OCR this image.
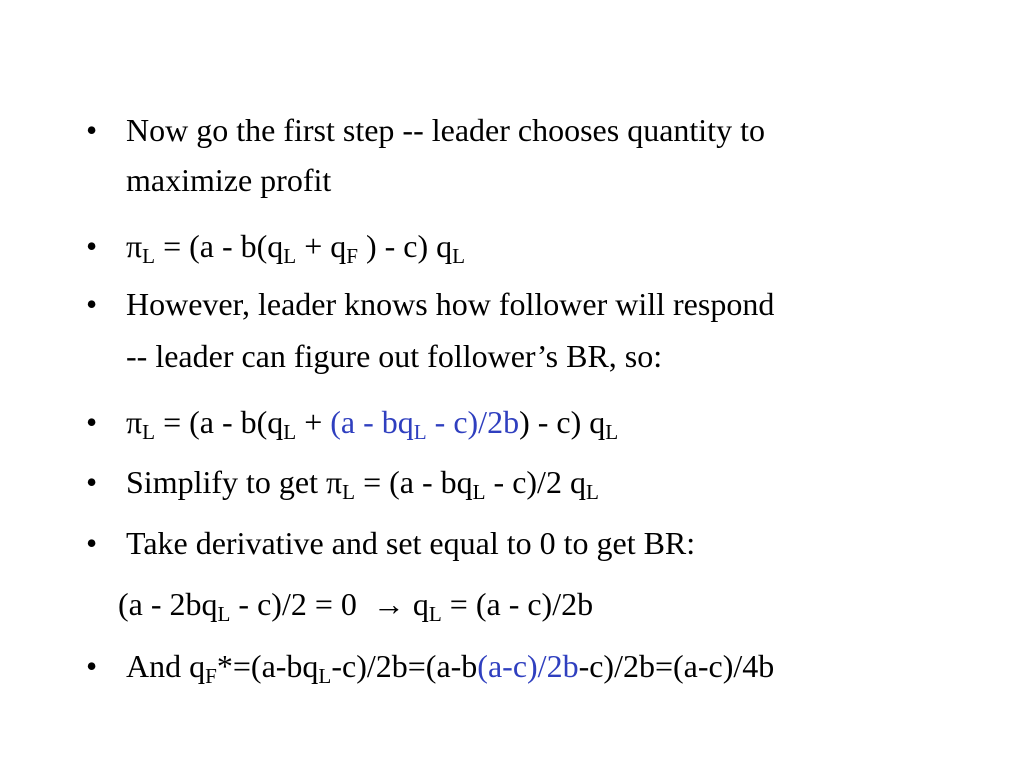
• Now go the first step -- leader chooses quantity to
maximize profit
• $\pi_L = (a - b(q_L + q_F$ ) - c) $q_L$
• However, leader knows how follower will respond
-- leader can figure out follower’s BR, so:
• $\pi_L = (a - b(q_L + (a - bq_L - c)/2b) - c)$ $q_L$
• Simplify to get $\pi_L = (a - bq_L - c)/2$ $q_L$
• Take derivative and set equal to 0 to get BR:
$(a - 2bq_L - c)/2 = 0 \to q_L = (a - c)/2b$
• And $q_F*=(a-bq_L-c)/2b=(a-b(a-c)/2b-c)/2b=(a-c)/4b$
